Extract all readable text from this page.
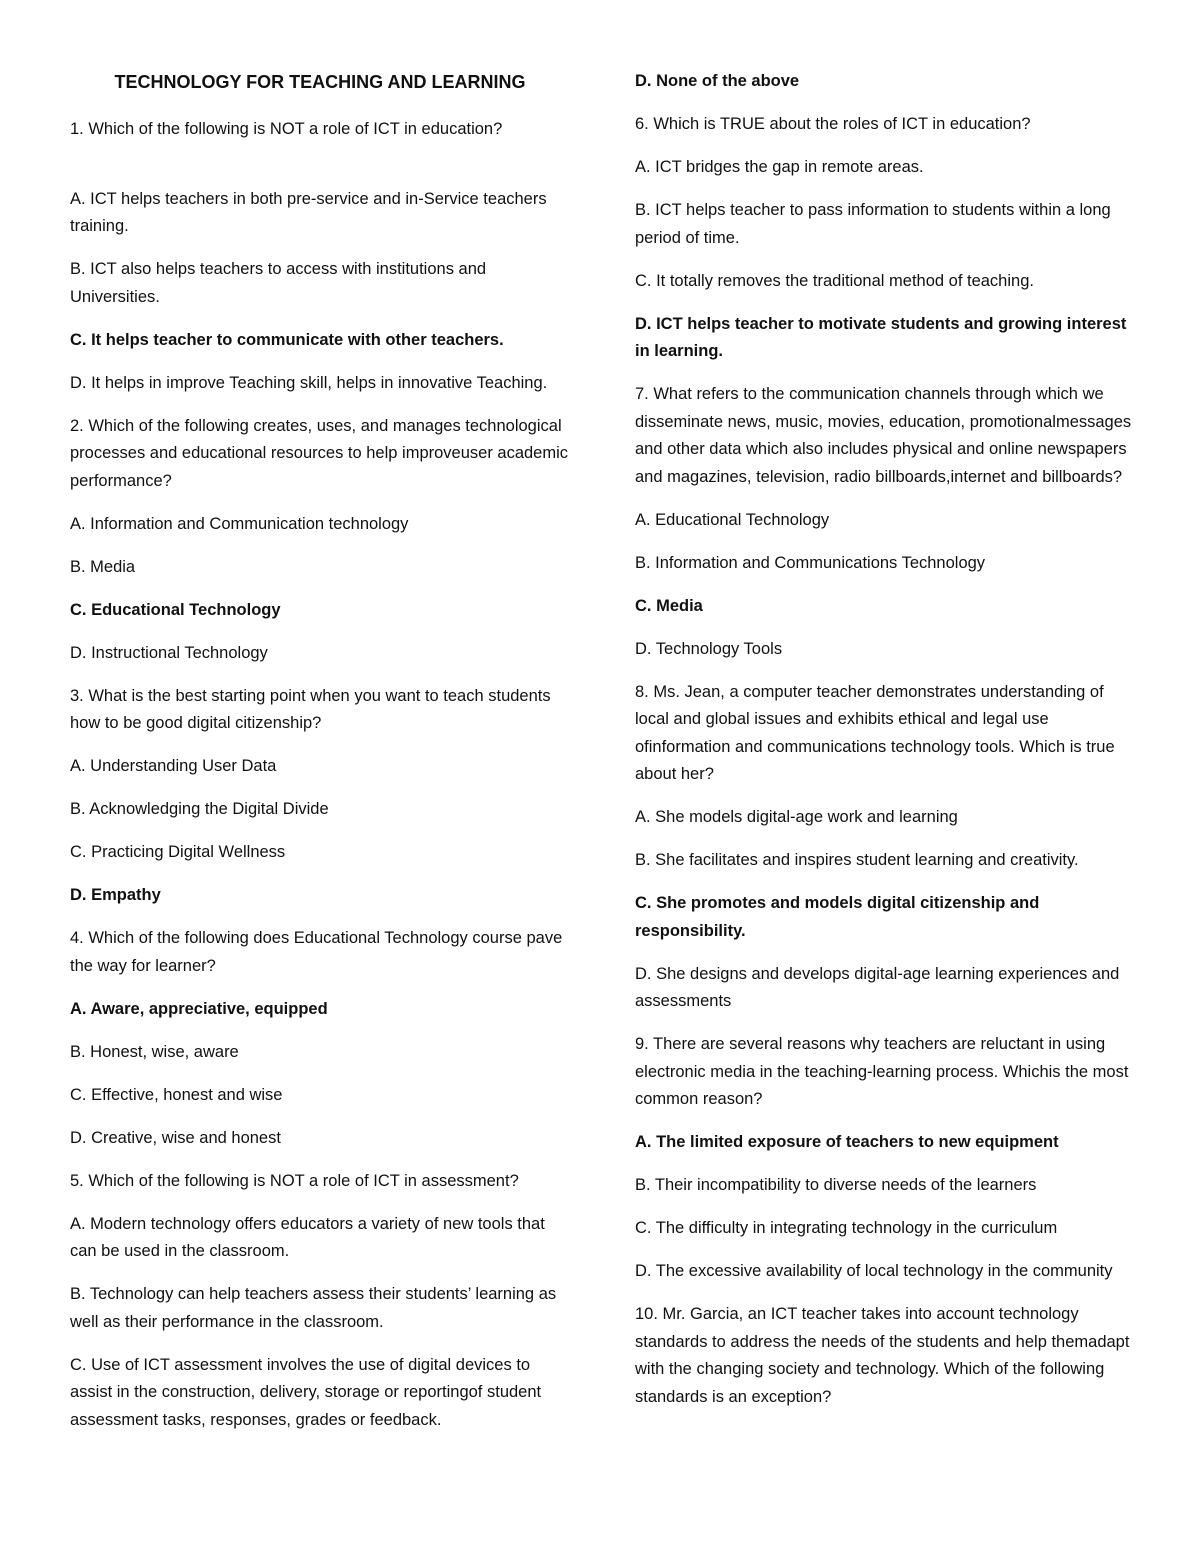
TECHNOLOGY FOR TEACHING AND LEARNING

1. Which of the following is NOT a role of ICT in education?

A. ICT helps teachers in both pre-service and in-Service teachers training.

B. ICT also helps teachers to access with institutions and Universities.

C. It helps teacher to communicate with other teachers.

D. It helps in improve Teaching skill, helps in innovative Teaching.

2. Which of the following creates, uses, and manages technological processes and educational resources to help improveuser academic performance?

A. Information and Communication technology

B. Media

C. Educational Technology

D. Instructional Technology

3. What is the best starting point when you want to teach students how to be good digital citizenship?

A. Understanding User Data

B. Acknowledging the Digital Divide

C. Practicing Digital Wellness

D. Empathy

4. Which of the following does Educational Technology course pave the way for learner?

A. Aware, appreciative, equipped

B. Honest, wise, aware

C. Effective, honest and wise

D. Creative, wise and honest

5. Which of the following is NOT a role of ICT in assessment?

A. Modern technology offers educators a variety of new tools that can be used in the classroom.

B. Technology can help teachers assess their students’ learning as well as their performance in the classroom.

C. Use of ICT assessment involves the use of digital devices to assist in the construction, delivery, storage or reportingof student assessment tasks, responses, grades or feedback.

D. None of the above

6. Which is TRUE about the roles of ICT in education?

A. ICT bridges the gap in remote areas.

B. ICT helps teacher to pass information to students within a long period of time.

C. It totally removes the traditional method of teaching.

D. ICT helps teacher to motivate students and growing interest in learning.

7. What refers to the communication channels through which we disseminate news, music, movies, education, promotionalmessages and other data which also includes physical and online newspapers and magazines, television, radio billboards,internet and billboards?

A. Educational Technology

B. Information and Communications Technology

C. Media

D. Technology Tools

8. Ms. Jean, a computer teacher demonstrates understanding of local and global issues and exhibits ethical and legal use ofinformation and communications technology tools. Which is true about her?

A. She models digital-age work and learning

B. She facilitates and inspires student learning and creativity.

C. She promotes and models digital citizenship and responsibility.

D. She designs and develops digital-age learning experiences and assessments

9. There are several reasons why teachers are reluctant in using electronic media in the teaching-learning process. Whichis the most common reason?

A. The limited exposure of teachers to new equipment

B. Their incompatibility to diverse needs of the learners

C. The difficulty in integrating technology in the curriculum

D. The excessive availability of local technology in the community

10. Mr. Garcia, an ICT teacher takes into account technology standards to address the needs of the students and help themadapt with the changing society and technology. Which of the following standards is an exception?
